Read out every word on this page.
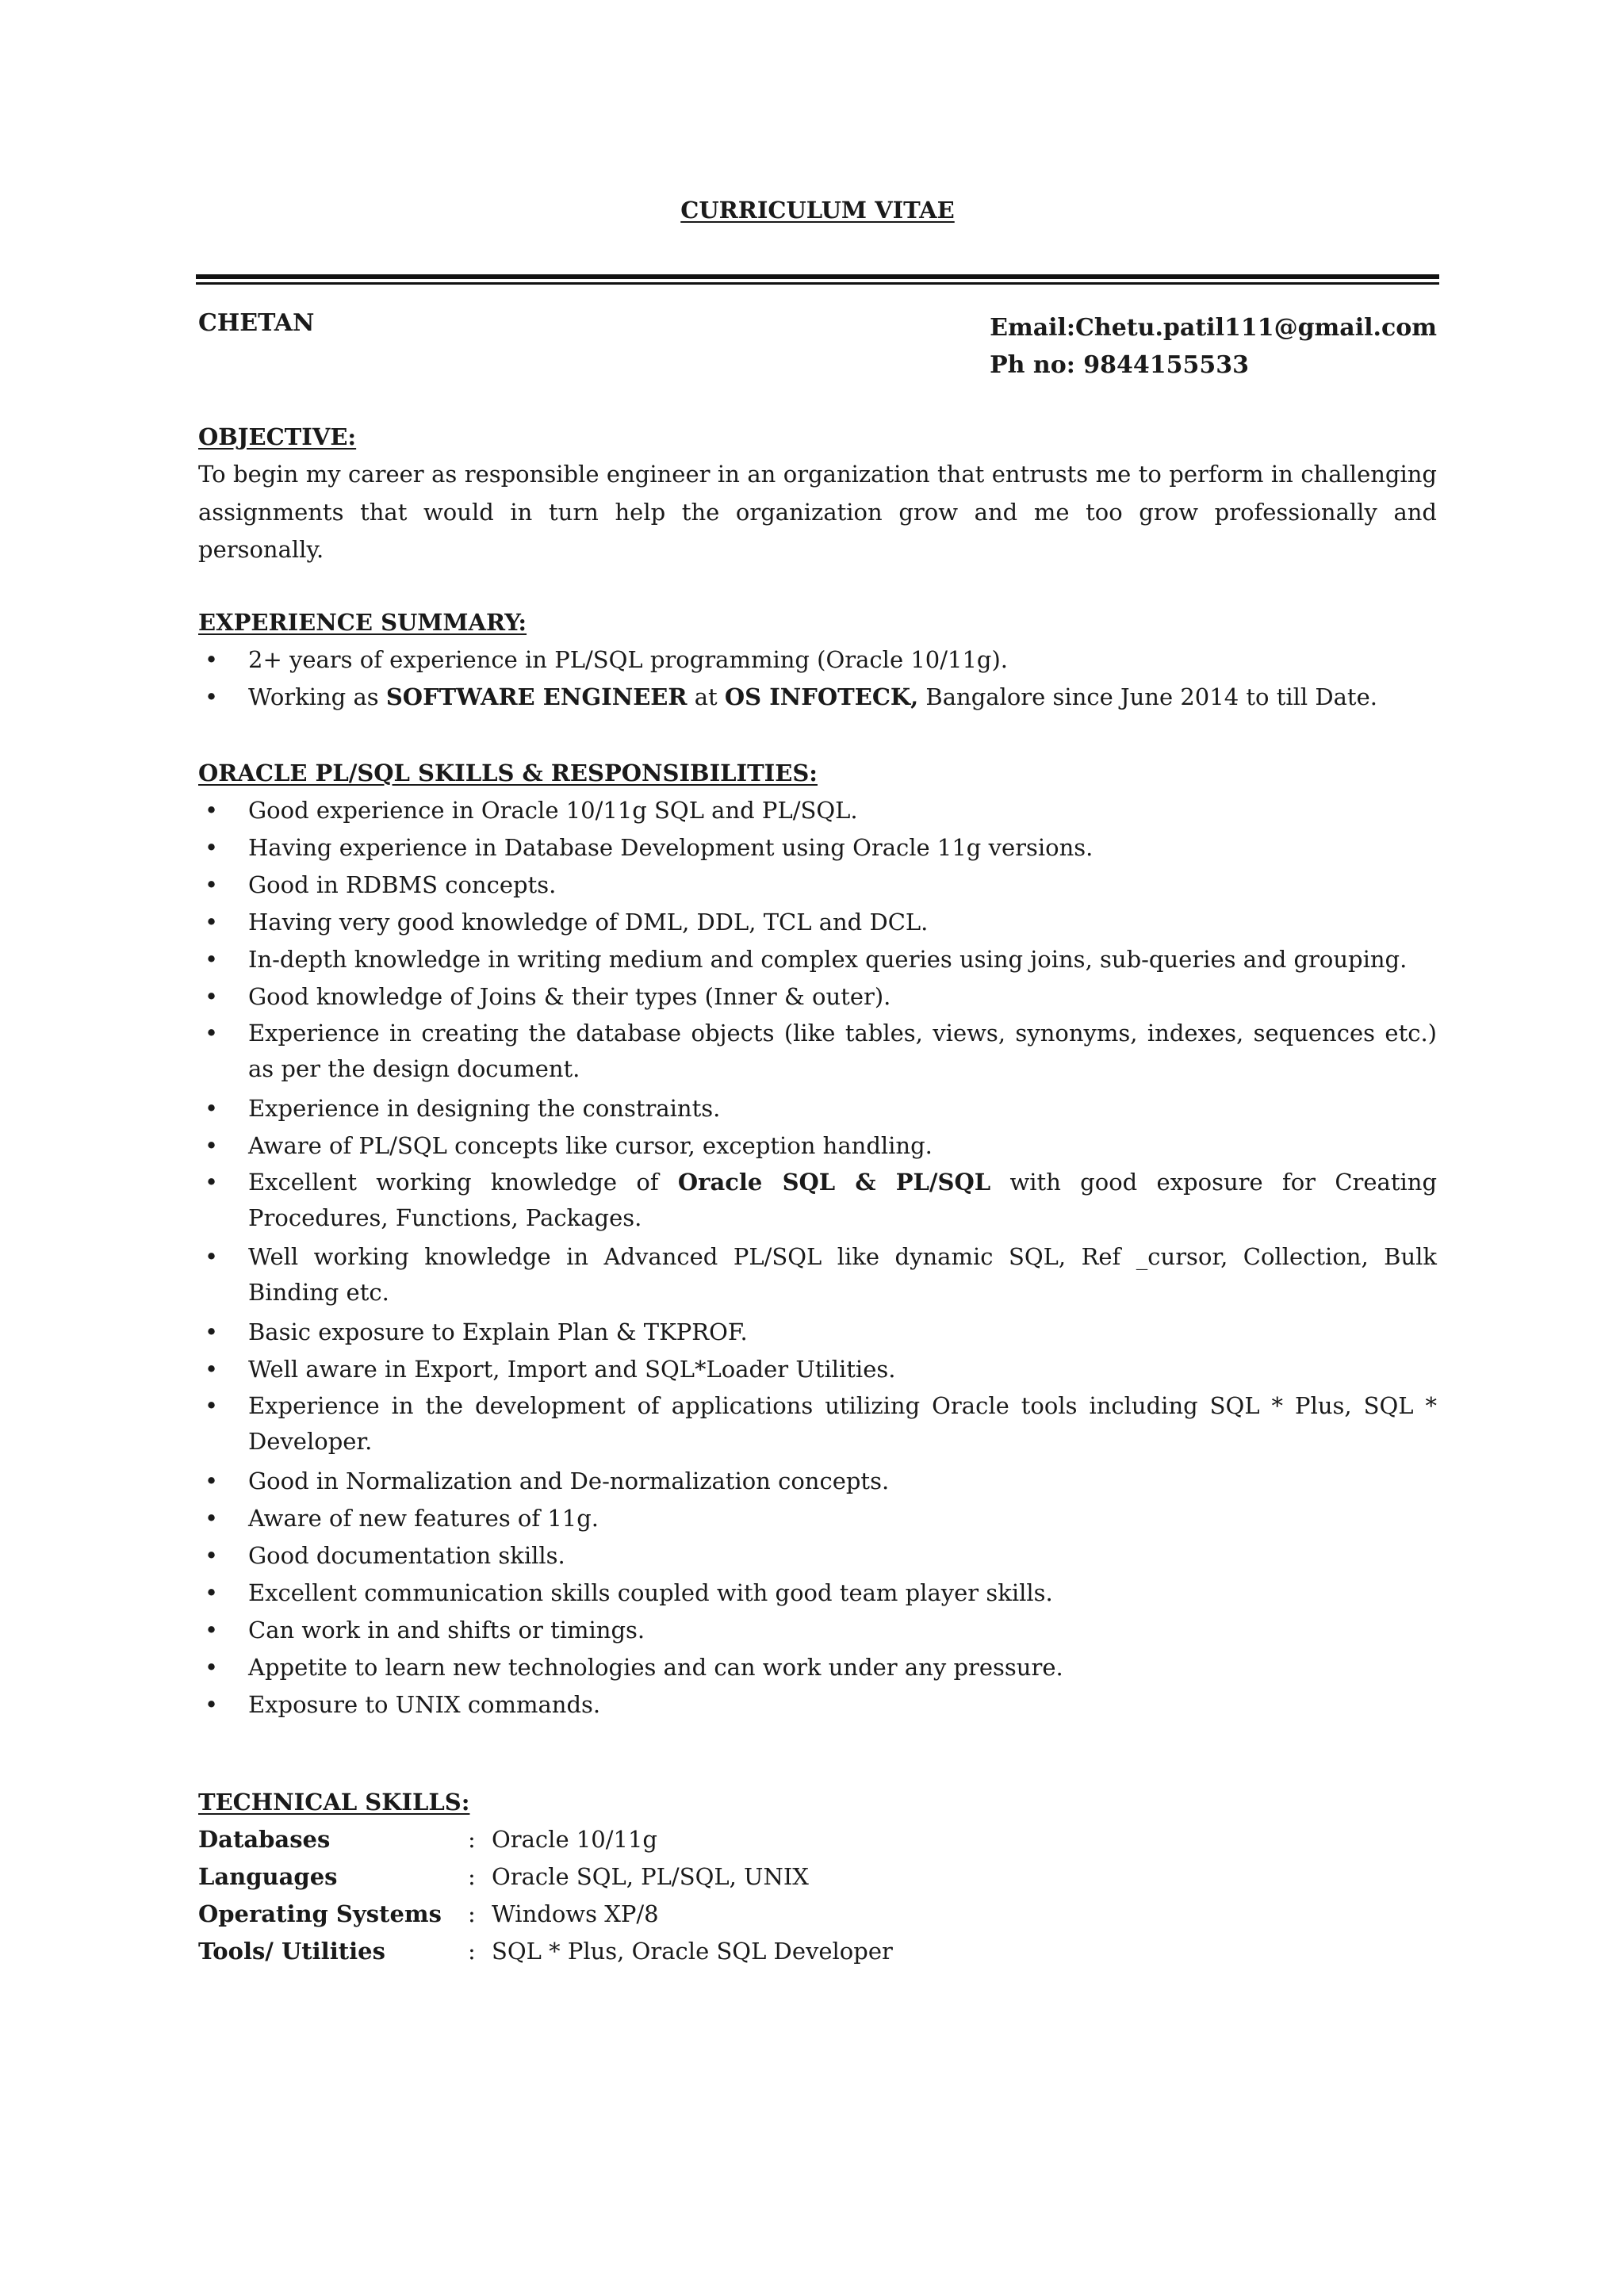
CURRICULUM VITAE
CHETAN	Email:Chetu.patil111@gmail.com
Ph no: 9844155533
OBJECTIVE:

To begin my career as responsible engineer in an organization that entrusts me to perform in challenging assignments that would in turn help the organization grow and me too grow professionally and personally.

EXPERIENCE SUMMARY:
• 2+ years of experience in PL/SQL programming (Oracle 10/11g).
• Working as SOFTWARE ENGINEER at OS INFOTECK, Bangalore since June 2014 to till Date.
ORACLE PL/SQL SKILLS & RESPONSIBILITIES:
• Good experience in Oracle 10/11g SQL and PL/SQL.
• Having experience in Database Development using Oracle 11g versions.
• Good in RDBMS concepts.
• Having very good knowledge of DML, DDL, TCL and DCL.
• In-depth knowledge in writing medium and complex queries using joins, sub-queries and grouping.
• Good knowledge of Joins & their types (Inner & outer).
• Experience in creating the database objects (like tables, views, synonyms, indexes, sequences etc.) as per the design document.
• Experience in designing the constraints.
• Aware of PL/SQL concepts like cursor, exception handling.
• Excellent working knowledge of Oracle SQL & PL/SQL with good exposure for Creating Procedures, Functions, Packages.
• Well working knowledge in Advanced PL/SQL like dynamic SQL, Ref _cursor, Collection, Bulk Binding etc.
• Basic exposure to Explain Plan & TKPROF.
• Well aware in Export, Import and SQL*Loader Utilities.
• Experience in the development of applications utilizing Oracle tools including SQL * Plus, SQL * Developer.
• Good in Normalization and De-normalization concepts.
• Aware of new features of 11g.
• Good documentation skills.
• Excellent communication skills coupled with good team player skills.
• Can work in and shifts or timings.
• Appetite to learn new technologies and can work under any pressure.
• Exposure to UNIX commands.
TECHNICAL SKILLS:
Databases	:	Oracle 10/11g
Languages	:	Oracle SQL, PL/SQL, UNIX
Operating Systems	:	Windows XP/8
Tools/ Utilities	:	SQL * Plus, Oracle SQL Developer
